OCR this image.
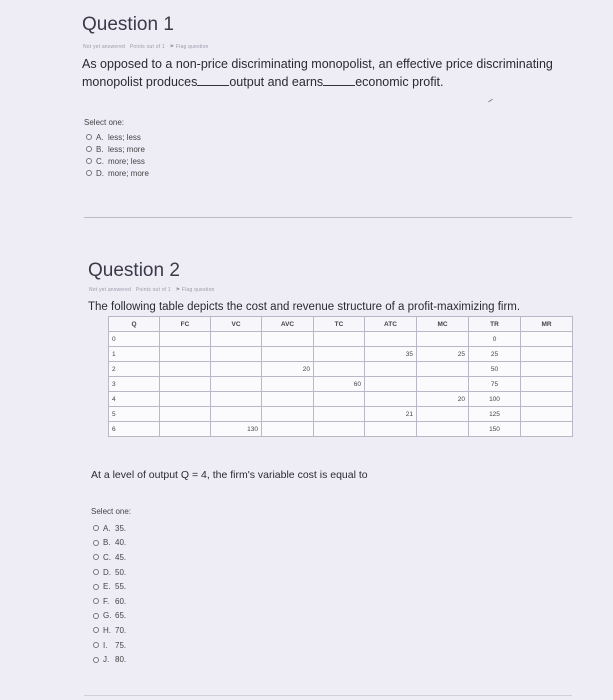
Question 1
Not yet answered Points out of 1 ⚑ Flag question
As opposed to a non-price discriminating monopolist, an effective price discriminating
monopolist produces	output and earns	economic profit.
Select one:
A. less; less
B. less; more
C. more; less
D. more; more
Question 2
Not yet answered Points out of 1 ⚑ Flag question
The following table depicts the cost and revenue structure of a profit-maximizing firm.
Q	FC	VC	AVC	TC	ATC	MC	TR	MR
0							0	
1					35	25	25	
2			20				50	
3				60			75	
4						20	100	
5					21		125	
6		130					150	
At a level of output Q = 4, the firm's variable cost is equal to
Select one:
A. 35.
B. 40.
C. 45.
D. 50.
E. 55.
F. 60.
G. 65.
H. 70.
I. 75.
J. 80.
